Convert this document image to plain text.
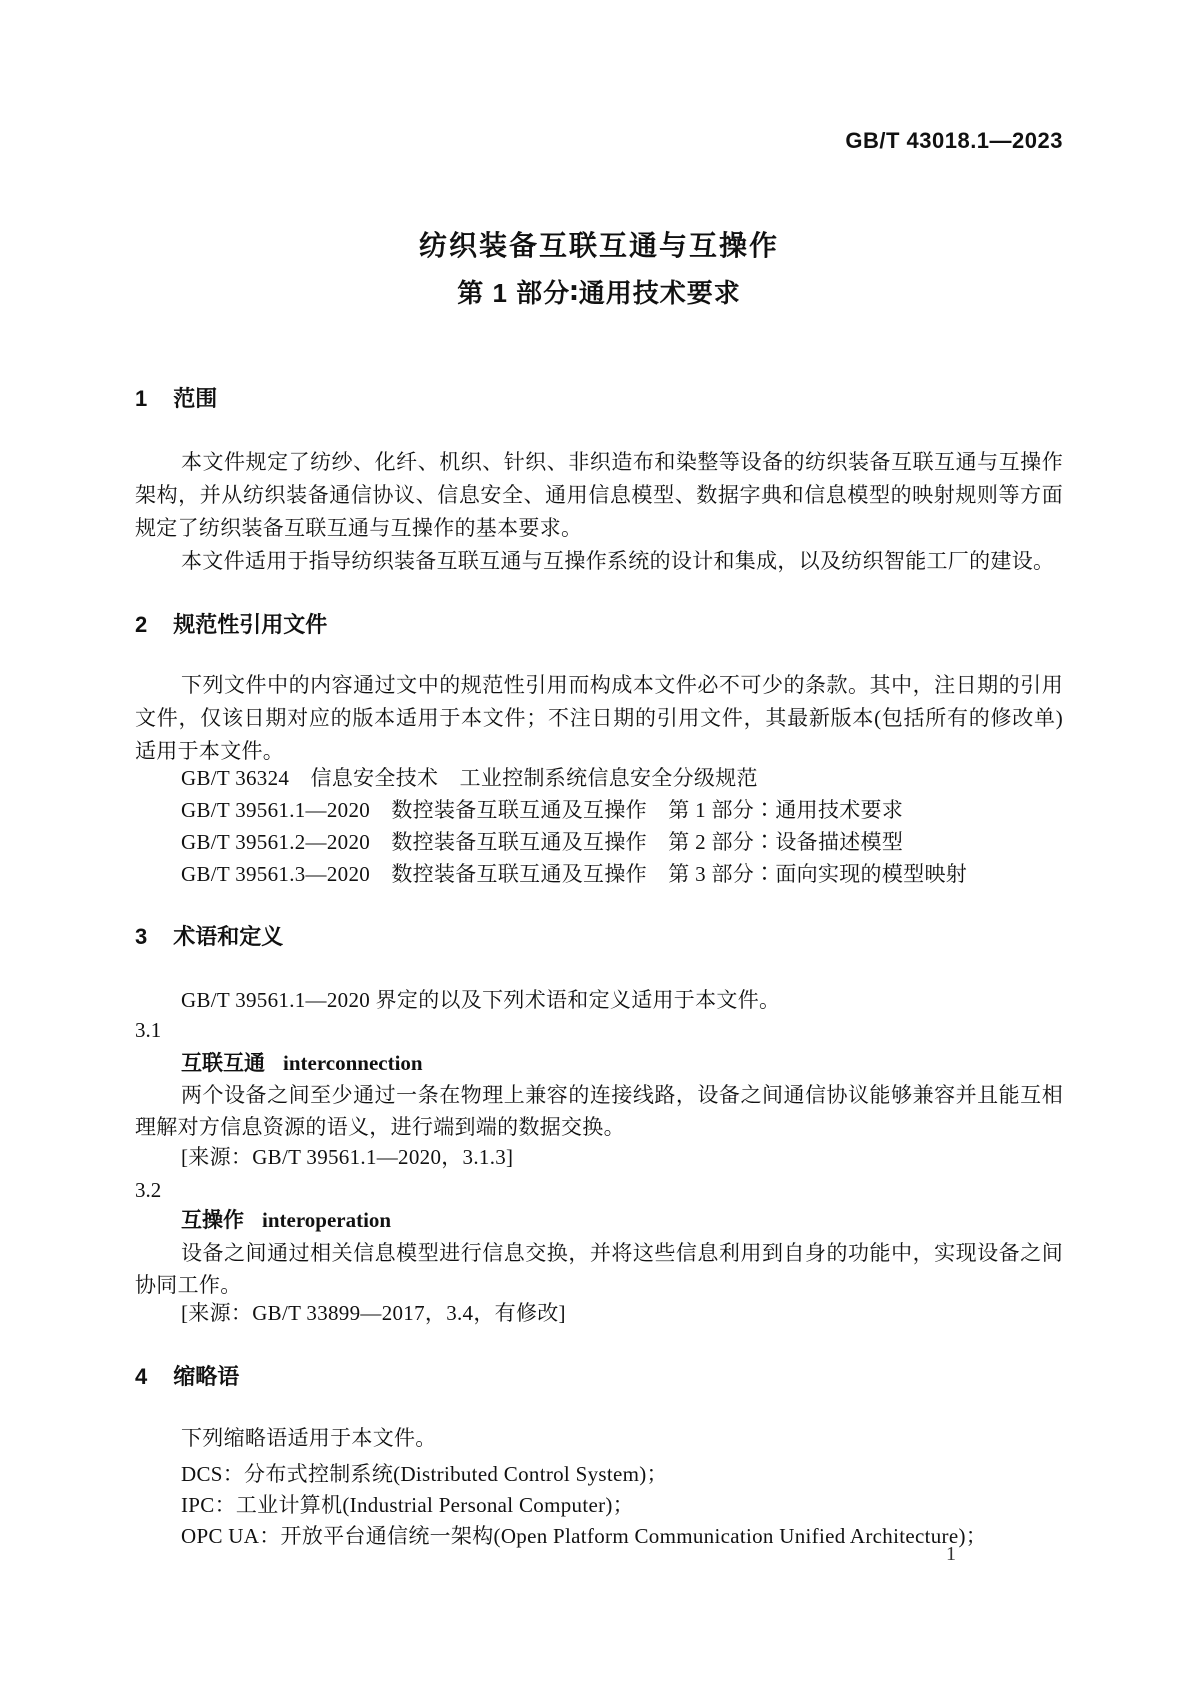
GB/T 43018.1—2023
纺织装备互联互通与互操作
第 1 部分∶通用技术要求
1 范围
本文件规定了纺纱、化纤、机织、针织、非织造布和染整等设备的纺织装备互联互通与互操作架构，并从纺织装备通信协议、信息安全、通用信息模型、数据字典和信息模型的映射规则等方面规定了纺织装备互联互通与互操作的基本要求。
本文件适用于指导纺织装备互联互通与互操作系统的设计和集成，以及纺织智能工厂的建设。
2 规范性引用文件
下列文件中的内容通过文中的规范性引用而构成本文件必不可少的条款。其中，注日期的引用文件，仅该日期对应的版本适用于本文件；不注日期的引用文件，其最新版本(包括所有的修改单)适用于本文件。
GB/T 36324　信息安全技术　工业控制系统信息安全分级规范
GB/T 39561.1—2020　数控装备互联互通及互操作　第 1 部分∶通用技术要求
GB/T 39561.2—2020　数控装备互联互通及互操作　第 2 部分∶设备描述模型
GB/T 39561.3—2020　数控装备互联互通及互操作　第 3 部分∶面向实现的模型映射
3 术语和定义
GB/T 39561.1—2020 界定的以及下列术语和定义适用于本文件。
3.1
互联互通 interconnection
两个设备之间至少通过一条在物理上兼容的连接线路，设备之间通信协议能够兼容并且能互相理解对方信息资源的语义，进行端到端的数据交换。
[来源：GB/T 39561.1—2020，3.1.3]
3.2
互操作 interoperation
设备之间通过相关信息模型进行信息交换，并将这些信息利用到自身的功能中，实现设备之间协同工作。
[来源：GB/T 33899—2017，3.4，有修改]
4 缩略语
下列缩略语适用于本文件。
DCS：分布式控制系统(Distributed Control System)；
IPC：工业计算机(Industrial Personal Computer)；
OPC UA：开放平台通信统一架构(Open Platform Communication Unified Architecture)；
1
